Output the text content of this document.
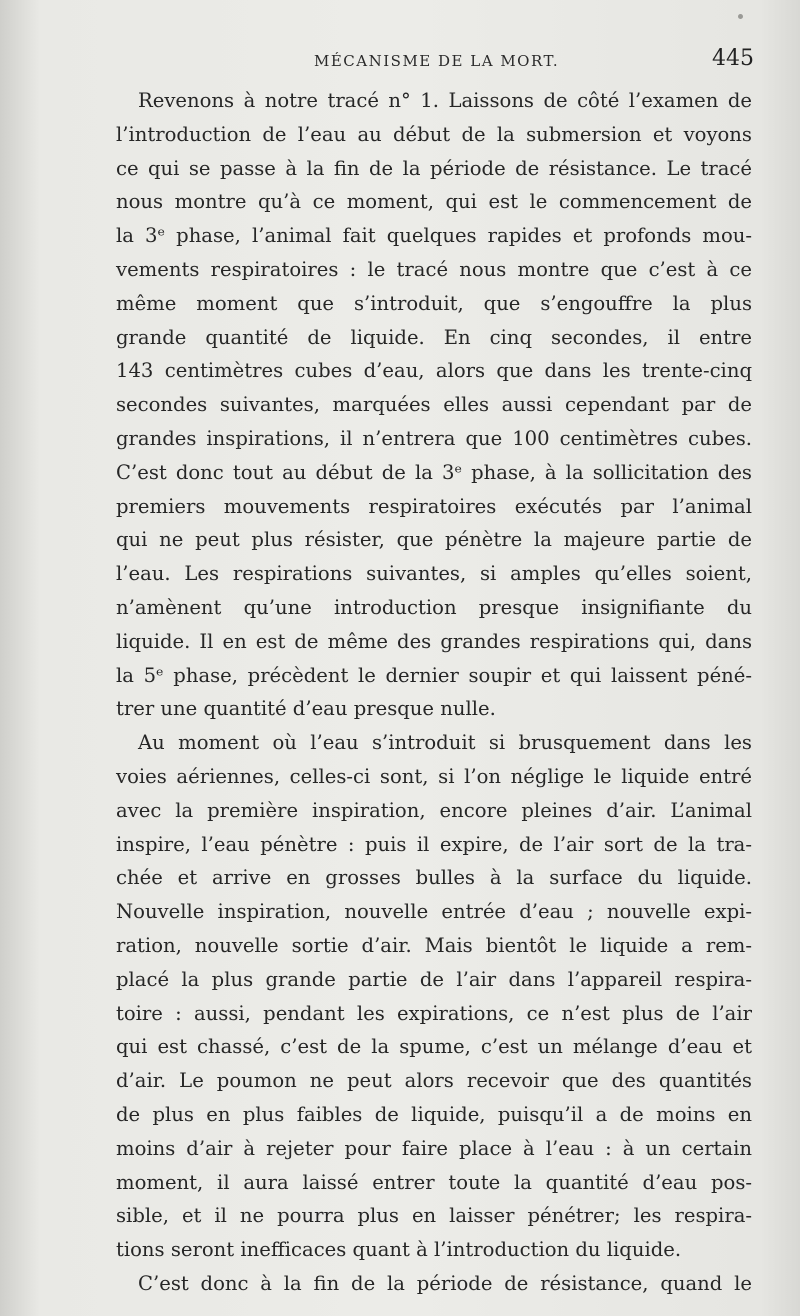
MÉCANISME DE LA MORT.	445
Revenons à notre tracé n° 1. Laissons de côté l’examen de
l’introduction de l’eau au début de la submersion et voyons
ce qui se passe à la fin de la période de résistance. Le tracé
nous montre qu’à ce moment, qui est le commencement de
la 3ᵉ phase, l’animal fait quelques rapides et profonds mou-
vements respiratoires : le tracé nous montre que c’est à ce
même moment que s’introduit, que s’engouffre la plus
grande quantité de liquide. En cinq secondes, il entre
143 centimètres cubes d’eau, alors que dans les trente-cinq
secondes suivantes, marquées elles aussi cependant par de
grandes inspirations, il n’entrera que 100 centimètres cubes.
C’est donc tout au début de la 3ᵉ phase, à la sollicitation des
premiers mouvements respiratoires exécutés par l’animal
qui ne peut plus résister, que pénètre la majeure partie de
l’eau. Les respirations suivantes, si amples qu’elles soient,
n’amènent qu’une introduction presque insignifiante du
liquide. Il en est de même des grandes respirations qui, dans
la 5ᵉ phase, précèdent le dernier soupir et qui laissent péné-
trer une quantité d’eau presque nulle.
Au moment où l’eau s’introduit si brusquement dans les
voies aériennes, celles-ci sont, si l’on néglige le liquide entré
avec la première inspiration, encore pleines d’air. L’animal
inspire, l’eau pénètre : puis il expire, de l’air sort de la tra-
chée et arrive en grosses bulles à la surface du liquide.
Nouvelle inspiration, nouvelle entrée d’eau ; nouvelle expi-
ration, nouvelle sortie d’air. Mais bientôt le liquide a rem-
placé la plus grande partie de l’air dans l’appareil respira-
toire : aussi, pendant les expirations, ce n’est plus de l’air
qui est chassé, c’est de la spume, c’est un mélange d’eau et
d’air. Le poumon ne peut alors recevoir que des quantités
de plus en plus faibles de liquide, puisqu’il a de moins en
moins d’air à rejeter pour faire place à l’eau : à un certain
moment, il aura laissé entrer toute la quantité d’eau pos-
sible, et il ne pourra plus en laisser pénétrer; les respira-
tions seront inefficaces quant à l’introduction du liquide.
C’est donc à la fin de la période de résistance, quand le
